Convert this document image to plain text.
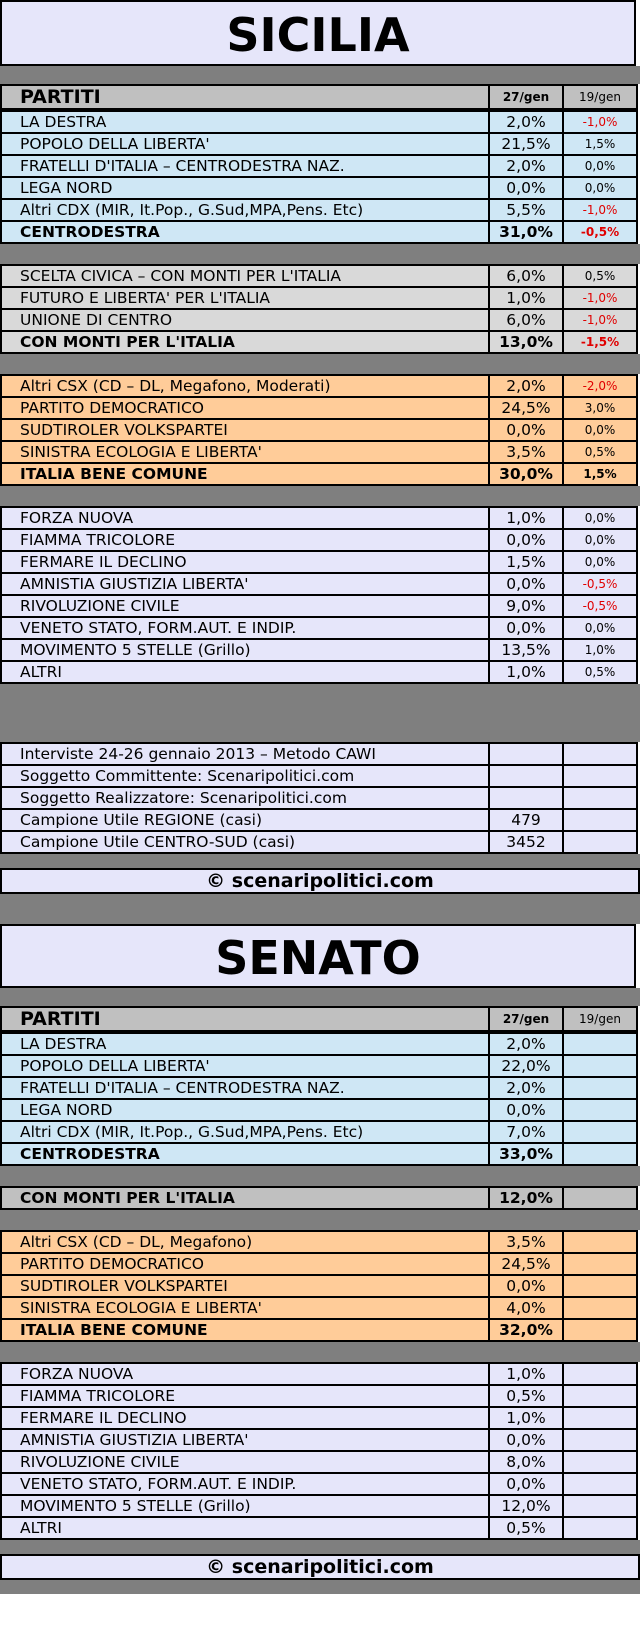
SICILIA
PARTITI	27/gen	19/gen
LA DESTRA	2,0%	-1,0%
POPOLO DELLA LIBERTA'	21,5%	1,5%
FRATELLI D'ITALIA – CENTRODESTRA NAZ.	2,0%	0,0%
LEGA NORD	0,0%	0,0%
Altri CDX (MIR, It.Pop., G.Sud,MPA,Pens. Etc)	5,5%	-1,0%
CENTRODESTRA	31,0%	-0,5%
SCELTA CIVICA – CON MONTI PER L'ITALIA	6,0%	0,5%
FUTURO E LIBERTA' PER L'ITALIA	1,0%	-1,0%
UNIONE DI CENTRO	6,0%	-1,0%
CON MONTI PER L'ITALIA	13,0%	-1,5%
Altri CSX (CD – DL, Megafono, Moderati)	2,0%	-2,0%
PARTITO DEMOCRATICO	24,5%	3,0%
SUDTIROLER VOLKSPARTEI	0,0%	0,0%
SINISTRA ECOLOGIA E LIBERTA'	3,5%	0,5%
ITALIA BENE COMUNE	30,0%	1,5%
FORZA NUOVA	1,0%	0,0%
FIAMMA TRICOLORE	0,0%	0,0%
FERMARE IL DECLINO	1,5%	0,0%
AMNISTIA GIUSTIZIA LIBERTA'	0,0%	-0,5%
RIVOLUZIONE CIVILE	9,0%	-0,5%
VENETO STATO, FORM.AUT. E INDIP.	0,0%	0,0%
MOVIMENTO 5 STELLE (Grillo)	13,5%	1,0%
ALTRI	1,0%	0,5%
Interviste 24-26 gennaio 2013 – Metodo CAWI		
Soggetto Committente: Scenaripolitici.com		
Soggetto Realizzatore: Scenaripolitici.com		
Campione Utile REGIONE (casi)	479	
Campione Utile CENTRO-SUD (casi)	3452	
© scenaripolitici.com
SENATO
PARTITI	27/gen	19/gen
LA DESTRA	2,0%	
POPOLO DELLA LIBERTA'	22,0%	
FRATELLI D'ITALIA – CENTRODESTRA NAZ.	2,0%	
LEGA NORD	0,0%	
Altri CDX (MIR, It.Pop., G.Sud,MPA,Pens. Etc)	7,0%	
CENTRODESTRA	33,0%	
CON MONTI PER L'ITALIA	12,0%	
Altri CSX (CD – DL, Megafono)	3,5%	
PARTITO DEMOCRATICO	24,5%	
SUDTIROLER VOLKSPARTEI	0,0%	
SINISTRA ECOLOGIA E LIBERTA'	4,0%	
ITALIA BENE COMUNE	32,0%	
FORZA NUOVA	1,0%	
FIAMMA TRICOLORE	0,5%	
FERMARE IL DECLINO	1,0%	
AMNISTIA GIUSTIZIA LIBERTA'	0,0%	
RIVOLUZIONE CIVILE	8,0%	
VENETO STATO, FORM.AUT. E INDIP.	0,0%	
MOVIMENTO 5 STELLE (Grillo)	12,0%	
ALTRI	0,5%	
© scenaripolitici.com
